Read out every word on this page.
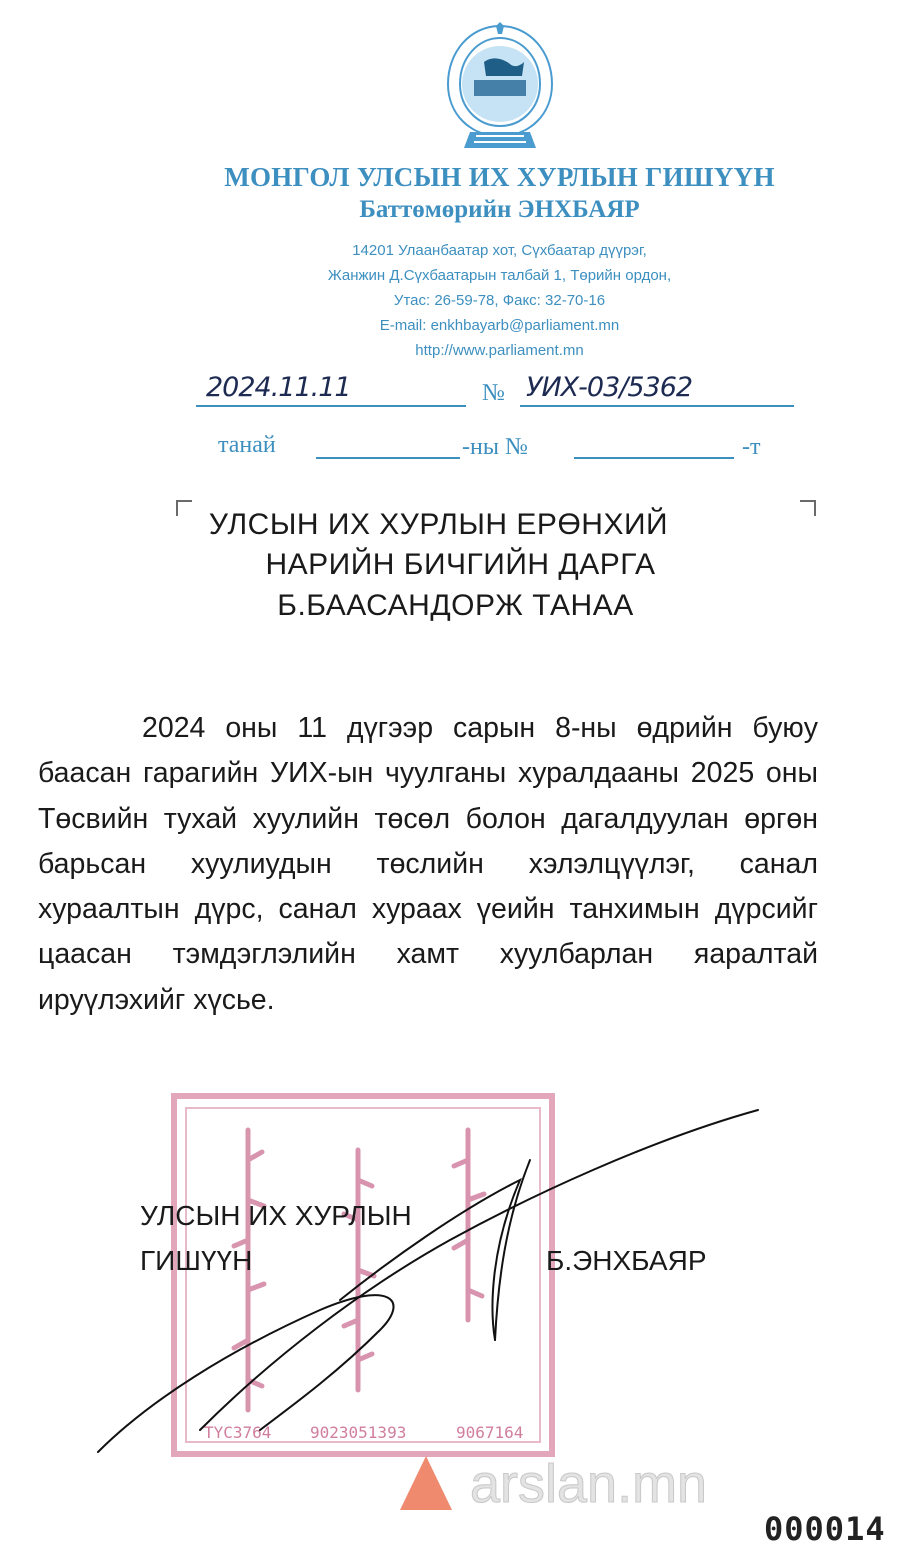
МОНГОЛ УЛСЫН ИХ ХУРЛЫН ГИШҮҮН
Баттөмөрийн ЭНХБАЯР
14201 Улаанбаатар хот, Сүхбаатар дүүрэг,
Жанжин Д.Сүхбаатарын талбай 1, Төрийн ордон,
Утас: 26-59-78, Факс: 32-70-16
E-mail: enkhbayarb@parliament.mn
http://www.parliament.mn
2024.11.11	№ УИХ-03/5362
танай	-ны №	-т
УЛСЫН ИХ ХУРЛЫН ЕРӨНХИЙ
НАРИЙН БИЧГИЙН ДАРГА
Б.БААСАНДОРЖ ТАНАА
2024 оны 11 дүгээр сарын 8-ны өдрийн буюу баасан гарагийн УИХ-ын чуулганы хуралдааны 2025 оны Төсвийн тухай хуулийн төсөл болон дагалдуулан өргөн барьсан хуулиудын төслийн хэлэлцүүлэг, санал хураалтын дүрс, санал хураах үеийн танхимын дүрсийг цаасан тэмдэглэлийн хамт хуулбарлан яаралтай ируүлэхийг хүсье.
ТҮС3764 9023051393	9067164
УЛСЫН ИХ ХУРЛЫН
ГИШҮҮН	Б.ЭНХБАЯР
arslan.mn
000014
